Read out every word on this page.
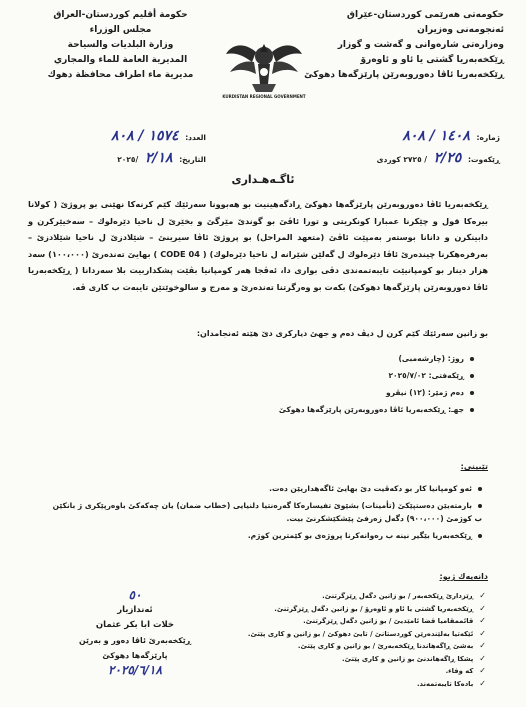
حكومەتی هەرێمی كوردستان-عێراق
ئەنجومەنی وەزیران
وەزارەتی شارەوانی و گەشت و گوزار
ڕێكخەبەریا گشتی یا ئاو و ئاوەرۆ
ڕێكخەبەریا ئاڤا دەوروبەرێن پارێزگەها دهوكێ
حكومة أقليم كوردستان-العراق
مجلس الوزراء
وزارة البلديات والسياحة
المديرية العامة للماء والمجاري
مديرية ماء اطراف محافظة دهوك
KURDISTAN REGIONAL GOVERNMENT
ژمارە: ١٤٠٨ / ٨٠٨
ڕێكەوت: ٢/٢٥ / ٢٧٢٥ كوردی
العدد: ١٥٧٤ / ٨٠٨
التاريخ: ٢/١٨ /٢٠٢٥
ئاگـەهـداری
ڕێكخەبەریا ئاڤا دەوروبەرێن پارێزگەها دهوكێ ڕادگەهینیت بو هەبوونا سەرئێك كێم كرنەكا نهێنی بو پروژێ ( كولانا بیرەكا قول و چێكرنا عمبارا كونكریتی و تورا ئاڤێ بو گوندێ مێرگێ و بخێرێ ل ناحیا دێرەلوك – سەخیێركرن و دابینكرن و دانانا بوستەر بەمپێت ئاڤێ (متعهد المراحل) بو پروژێ ئاڤا سیرینێ – شێلادزێ ل ناحیا شێلادزێ – بەرفرەهكرنا چیندەرێ ئاڤا دێرەلوك ل گەلێن شێرانە ل ناحیا دێرەلوك) ( CODE 04 ) بهایێ تەندەرێ (١٠٠،٠٠٠) سەد هزار دینار بو كومپانیێت تایبەتمەندی دڤی بواری دا، ئەڤجا هەر كومپانیا بڤێت پشكداربیت بلا سەردانا ( ڕێكخەبەریا ئاڤا دەوروبەرێن پارێزگەها دهوكێ) بكەت بو وەرگرتنا تەندەرێ و مەرج و سالوخوێتێن تایبەت ب كاری ڤە.
بو زانین سەرئێك كێم كرن ل دیڤ دەم و جهێ دیاركری دێ هێتە ئەنجامدان:
روژ: (چارشەمبی)
ڕێكەفتی: ٢٠٢٥/٧/٠٢
دەم ژمێر: (١٢) نیڤرو
جهـ: ڕێكخەبەریا ئاڤا دەوروبەرێن پارێزگەها دهوكێ
تێبینی:
ئەو كومپانیا كار بو دكەڤیت دێ بهایێ ئاگەهداریێن دەت.
بارمتەیێن دەستپێكێ (تأمينات) بشێوێ تفیسارەكا گەرەنتیا دلنیایی (خطاب ضمان) یان چەكەكێ باوەرپێكری ژ بانكێن ب كوژمێ (٩٠٠،٠٠٠) دگەل زەرفێ پێشكێشكرنێ بیت.
ڕێكخەبەریا بێگیر نینە ب رەوانەكرنا پروژەی بو كێمترین كوژم.
٥٠
ئەندازیار
خلات ابا بكر عثمان
ڕێكخەبەرێ ئاڤا دەور و بەرێن پارێزگەها دهوكێ
٢٠٢٥/٦/١٨
دانەیەك ژبو:
✓ڕێزدارێ ڕێكخەبەر / بو زانین دگەل ڕێزگرتنێ.
✓ڕێكخەبەریا گشتی یا ئاو و ئاوەرۆ / بو زانین دگەل ڕێزگرتنێ.
✓قائممقامیا قضا ئامێدیێ / بو زانین دگەل ڕێزگرتنێ.
✓ئێكەتیا بەلێندەرێن كوردستانێ / تایێ دهوكێ / بو زانین و كاری پێتێ.
✓بەشێ ڕاگەهاندنا ڕێكخەبەرێ / بو زانین و كاری پێتێ.
✓پشكا ڕاگەهاندنێ بو زانین و كاری پێتێ.
✓كە وفاء.
✓بادەكا تایبەتمەند.
